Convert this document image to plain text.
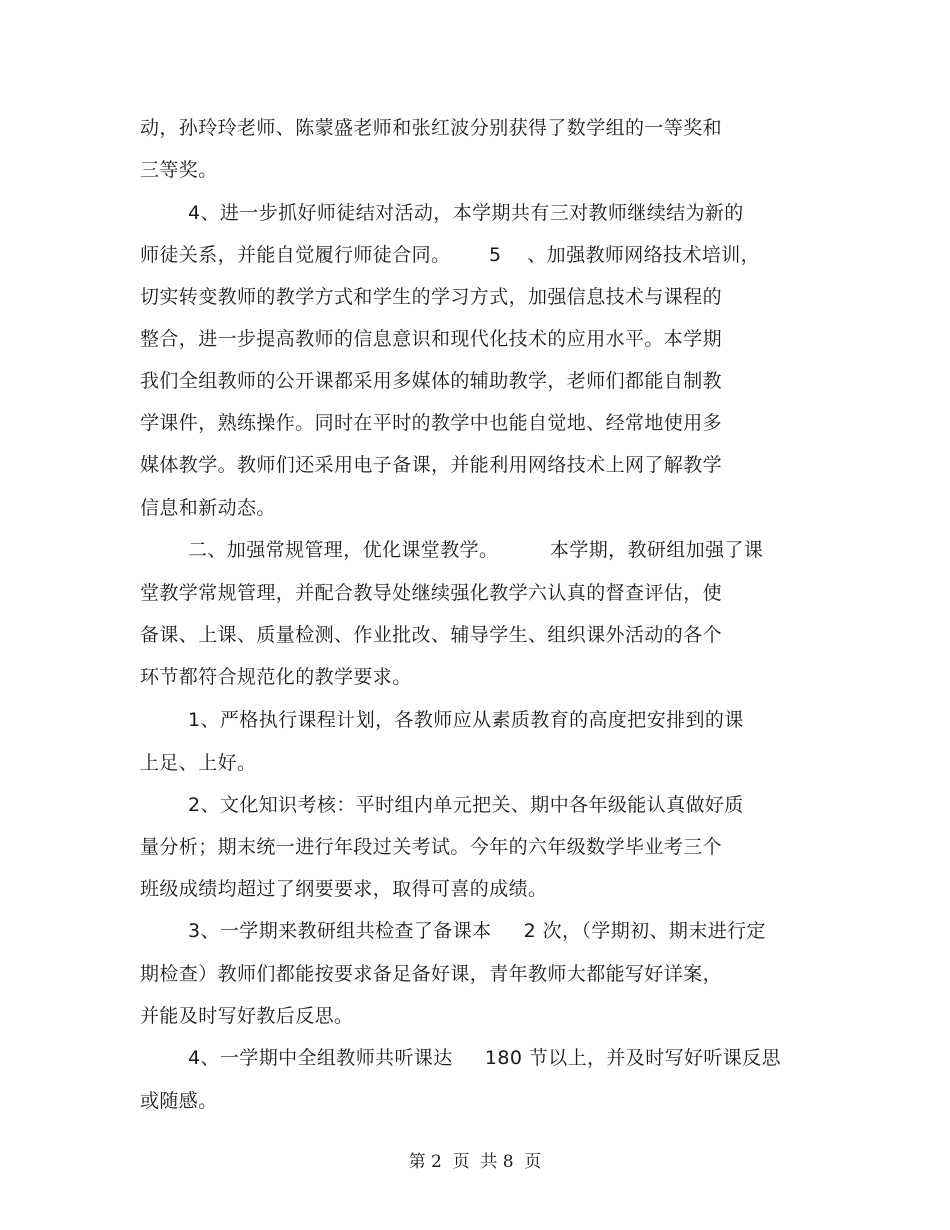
动，孙玲玲老师、陈蒙盛老师和张红波分别获得了数学组的一等奖和
三等奖。
4、进一步抓好师徒结对活动，本学期共有三对教师继续结为新的
师徒关系，并能自觉履行师徒合同。      5    、加强教师网络技术培训，
切实转变教师的教学方式和学生的学习方式，加强信息技术与课程的
整合，进一步提高教师的信息意识和现代化技术的应用水平。本学期
我们全组教师的公开课都采用多媒体的辅助教学，老师们都能自制教
学课件，熟练操作。同时在平时的教学中也能自觉地、经常地使用多
媒体教学。教师们还采用电子备课，并能利用网络技术上网了解教学
信息和新动态。
二、加强常规管理，优化课堂教学。        本学期，教研组加强了课
堂教学常规管理，并配合教导处继续强化教学六认真的督查评估，使
备课、上课、质量检测、作业批改、辅导学生、组织课外活动的各个
环节都符合规范化的教学要求。
1、严格执行课程计划，各教师应从素质教育的高度把安排到的课
上足、上好。
2、文化知识考核：平时组内单元把关、期中各年级能认真做好质
量分析；期末统一进行年段过关考试。今年的六年级数学毕业考三个
班级成绩均超过了纲要要求，取得可喜的成绩。
3、一学期来教研组共检查了备课本     2 次，（学期初、期末进行定
期检查）教师们都能按要求备足备好课，青年教师大都能写好详案，
并能及时写好教后反思。
4、一学期中全组教师共听课达     180 节以上，并及时写好听课反思
或随感。
第 2  页  共 8  页
